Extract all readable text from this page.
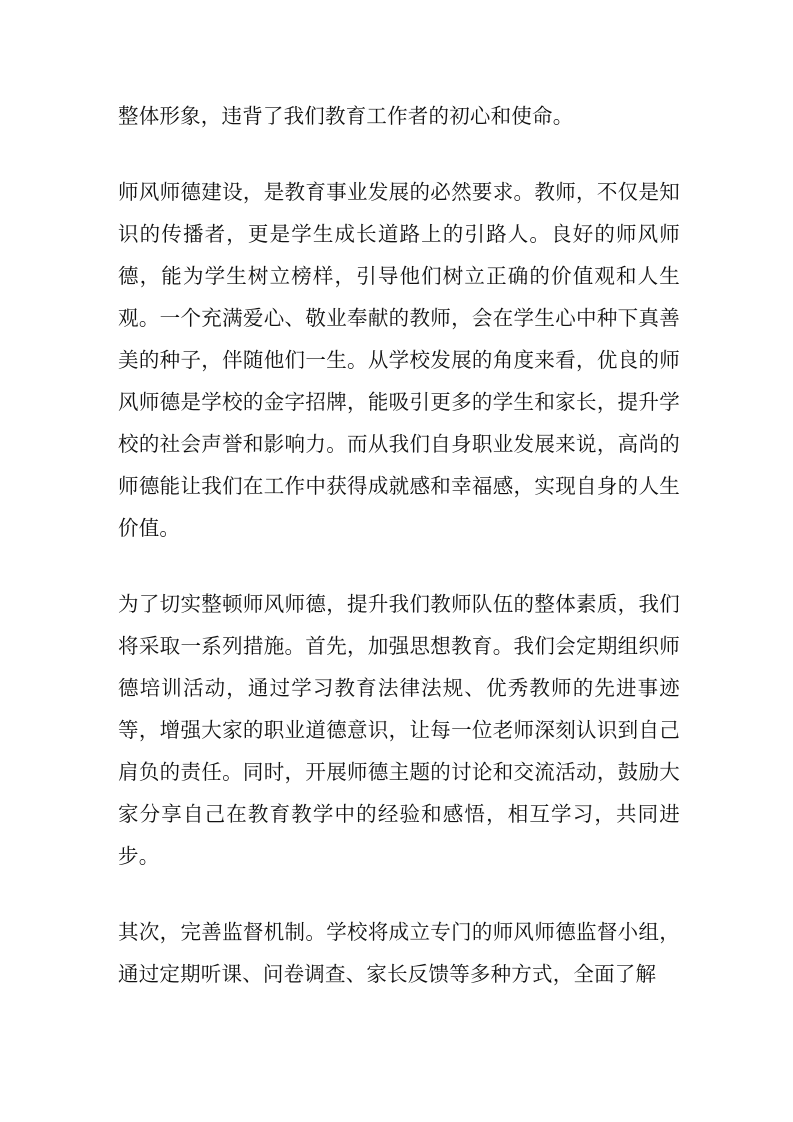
整体形象，违背了我们教育工作者的初心和使命。

师风师德建设，是教育事业发展的必然要求。教师，不仅是知识的传播者，更是学生成长道路上的引路人。良好的师风师德，能为学生树立榜样，引导他们树立正确的价值观和人生观。一个充满爱心、敬业奉献的教师，会在学生心中种下真善美的种子，伴随他们一生。从学校发展的角度来看，优良的师风师德是学校的金字招牌，能吸引更多的学生和家长，提升学校的社会声誉和影响力。而从我们自身职业发展来说，高尚的师德能让我们在工作中获得成就感和幸福感，实现自身的人生价值。

为了切实整顿师风师德，提升我们教师队伍的整体素质，我们将采取一系列措施。首先，加强思想教育。我们会定期组织师德培训活动，通过学习教育法律法规、优秀教师的先进事迹等，增强大家的职业道德意识，让每一位老师深刻认识到自己肩负的责任。同时，开展师德主题的讨论和交流活动，鼓励大家分享自己在教育教学中的经验和感悟，相互学习，共同进步。

其次，完善监督机制。学校将成立专门的师风师德监督小组，通过定期听课、问卷调查、家长反馈等多种方式，全面了解
